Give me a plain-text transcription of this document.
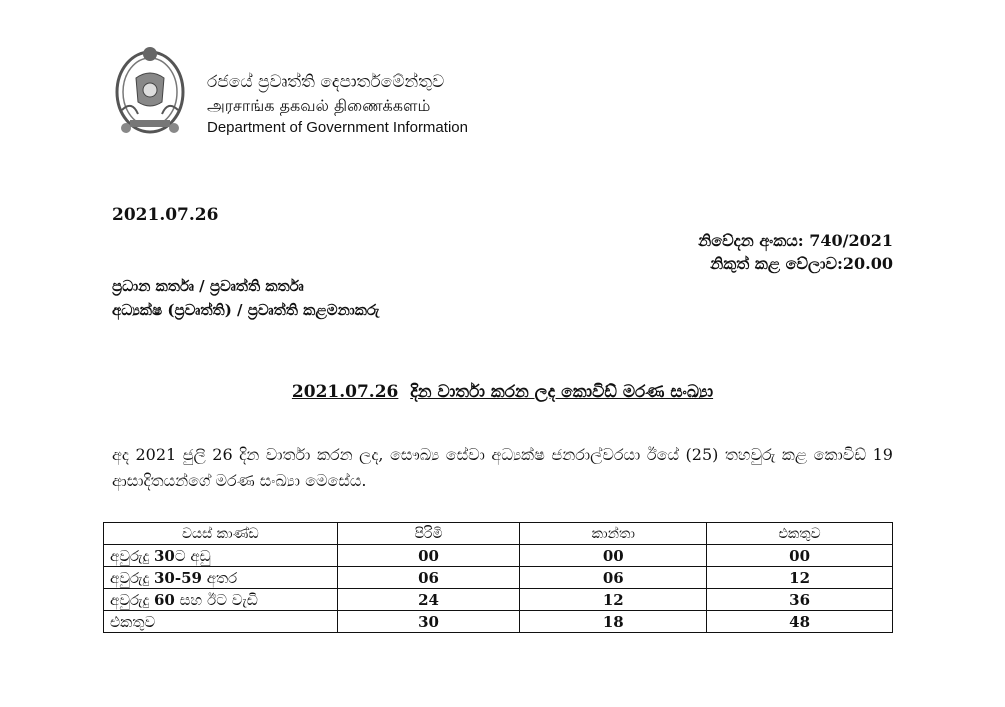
රජයේ ප්‍රවෘත්ති දෙපාර්තමේන්තුව
அரசாங்க தகவல் திணைக்களம்
Department of Government Information
2021.07.26
නිවේදන අංකය: 740/2021
නිකුත් කළ වේලාව:20.00
ප්‍රධාන කර්තෘ / ප්‍රවෘත්ති කර්තෘ
අධ්‍යක්ෂ (ප්‍රවෘත්ති) / ප්‍රවෘත්ති කළමනාකරු
2021.07.26 දින වාර්තා කරන ලද කොවිඩ් මරණ සංඛ්‍යා
අද 2021 ජුලි 26 දින වාර්තා කරන ලද, සෞඛ්‍ය සේවා අධ්‍යක්ෂ ජනරාල්වරයා ඊයේ (25) තහවුරු කළ කොවිඩ් 19 ආසාදිතයන්ගේ මරණ සංඛ්‍යා මෙසේය.
වයස් කාණ්ඩ	පිරිමි	කාන්තා	එකතුව
අවුරුදු 30ට අඩු	00	00	00
අවුරුදු 30-59 අතර	06	06	12
අවුරුදු 60 සහ ඊට වැඩි	24	12	36
එකතුව	30	18	48
